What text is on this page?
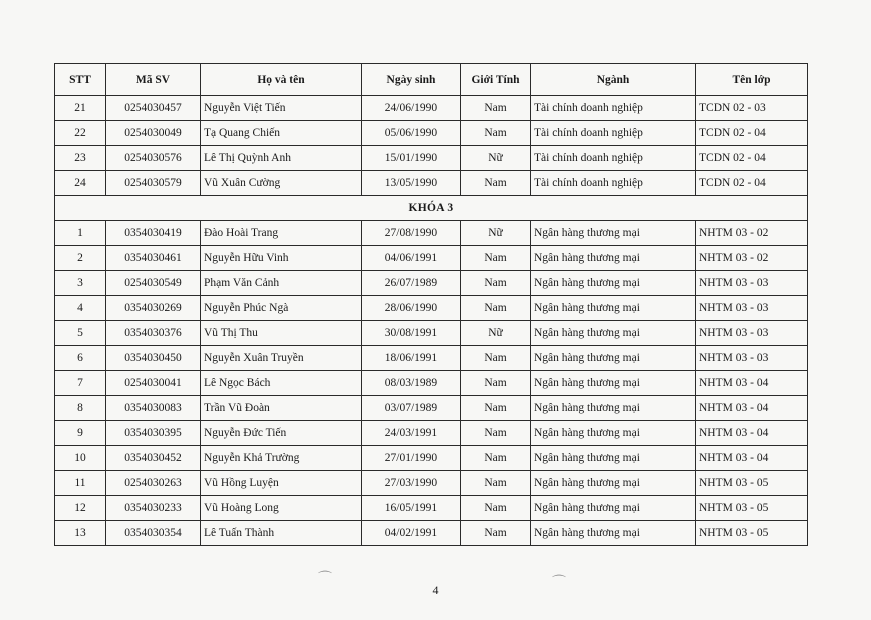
STT	Mã SV	Họ và tên	Ngày sinh	Giới Tính	Ngành	Tên lớp
21	0254030457	Nguyễn Việt Tiến	24/06/1990	Nam	Tài chính doanh nghiệp	TCDN 02 - 03
22	0254030049	Tạ Quang Chiến	05/06/1990	Nam	Tài chính doanh nghiệp	TCDN 02 - 04
23	0254030576	Lê Thị Quỳnh Anh	15/01/1990	Nữ	Tài chính doanh nghiệp	TCDN 02 - 04
24	0254030579	Vũ Xuân Cường	13/05/1990	Nam	Tài chính doanh nghiệp	TCDN 02 - 04
KHÓA 3						
1	0354030419	Đào Hoài Trang	27/08/1990	Nữ	Ngân hàng thương mại	NHTM 03 - 02
2	0354030461	Nguyễn Hữu Vinh	04/06/1991	Nam	Ngân hàng thương mại	NHTM 03 - 02
3	0254030549	Phạm Văn Cảnh	26/07/1989	Nam	Ngân hàng thương mại	NHTM 03 - 03
4	0354030269	Nguyễn Phúc Ngà	28/06/1990	Nam	Ngân hàng thương mại	NHTM 03 - 03
5	0354030376	Vũ Thị Thu	30/08/1991	Nữ	Ngân hàng thương mại	NHTM 03 - 03
6	0354030450	Nguyễn Xuân Truyền	18/06/1991	Nam	Ngân hàng thương mại	NHTM 03 - 03
7	0254030041	Lê Ngọc Bách	08/03/1989	Nam	Ngân hàng thương mại	NHTM 03 - 04
8	0354030083	Trần Vũ Đoàn	03/07/1989	Nam	Ngân hàng thương mại	NHTM 03 - 04
9	0354030395	Nguyễn Đức Tiến	24/03/1991	Nam	Ngân hàng thương mại	NHTM 03 - 04
10	0354030452	Nguyễn Khả Trường	27/01/1990	Nam	Ngân hàng thương mại	NHTM 03 - 04
11	0254030263	Vũ Hồng Luyện	27/03/1990	Nam	Ngân hàng thương mại	NHTM 03 - 05
12	0354030233	Vũ Hoàng Long	16/05/1991	Nam	Ngân hàng thương mại	NHTM 03 - 05
13	0354030354	Lê Tuấn Thành	04/02/1991	Nam	Ngân hàng thương mại	NHTM 03 - 05
4
⌒	⌒
